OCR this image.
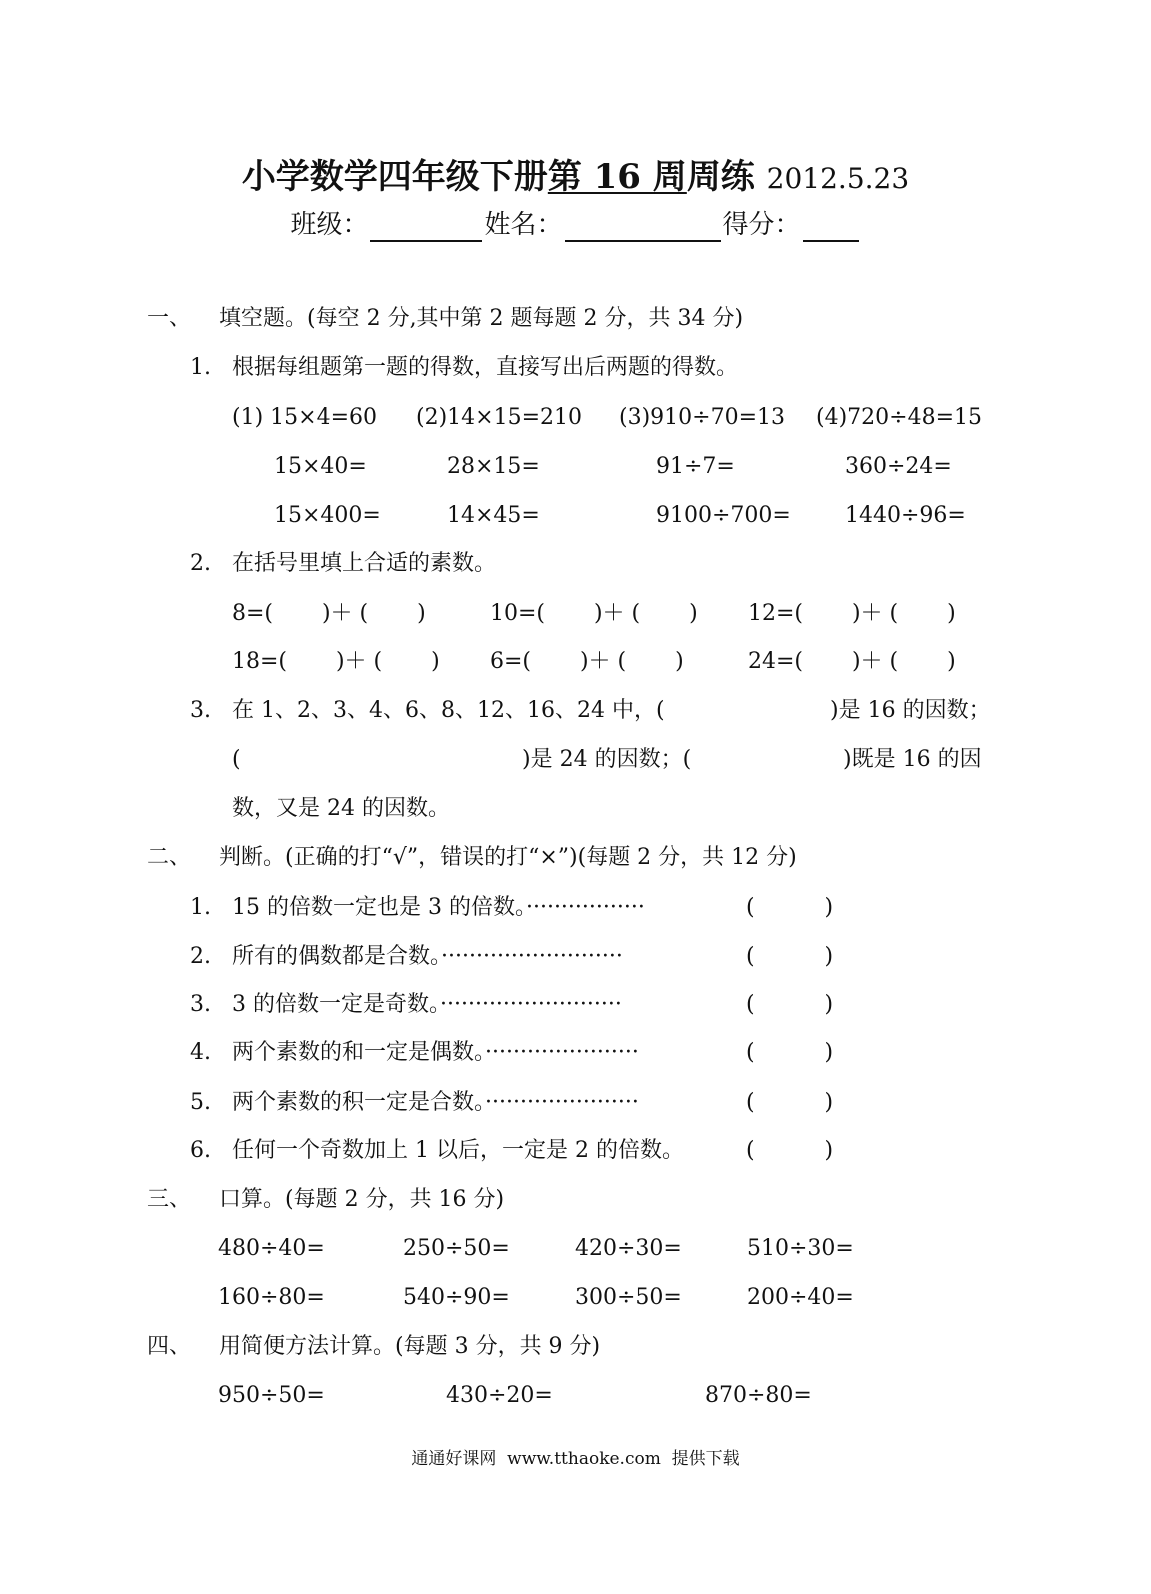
小学数学四年级下册第 16 周周练 2012.5.23
班级：	姓名：	得分：
一、 填空题。(每空 2 分,其中第 2 题每题 2 分，共 34 分)
1. 根据每组题第一题的得数，直接写出后两题的得数。
(1) 15×4=60 (2)14×15=210 (3)910÷70=13 (4)720÷48=15
15×40=	28×15=	91÷7=	360÷24=
15×400=	14×45=	9100÷700= 1440÷96=
2. 在括号里填上合适的素数。
8=(       )＋ (       )	10=(       )＋ (       ) 12=(       )＋ (       )
18=(       )＋ (       ) 6=(       )＋ (       )	24=(       )＋ (       )
3. 在 1、2、3、4、6、8、12、16、24 中，(	)是 16 的因数；
(	)是 24 的因数；(	)既是 16 的因
数，又是 24 的因数。
二、 判断。(正确的打“√”，错误的打“×”)(每题 2 分，共 12 分)
1. 15 的倍数一定也是 3 的倍数。·················	(          )
2. 所有的偶数都是合数。··························	(          )
3. 3 的倍数一定是奇数。··························	(          )
4. 两个素数的和一定是偶数。······················	(          )
5. 两个素数的积一定是合数。······················	(          )
6. 任何一个奇数加上 1 以后，一定是 2 的倍数。	(          )
三、 口算。(每题 2 分，共 16 分)
480÷40=	250÷50=	420÷30=	510÷30=
160÷80=	540÷90=	300÷50=	200÷40=
四、 用简便方法计算。(每题 3 分，共 9 分)
950÷50=	430÷20=	870÷80=
通通好课网  www.tthaoke.com  提供下载
